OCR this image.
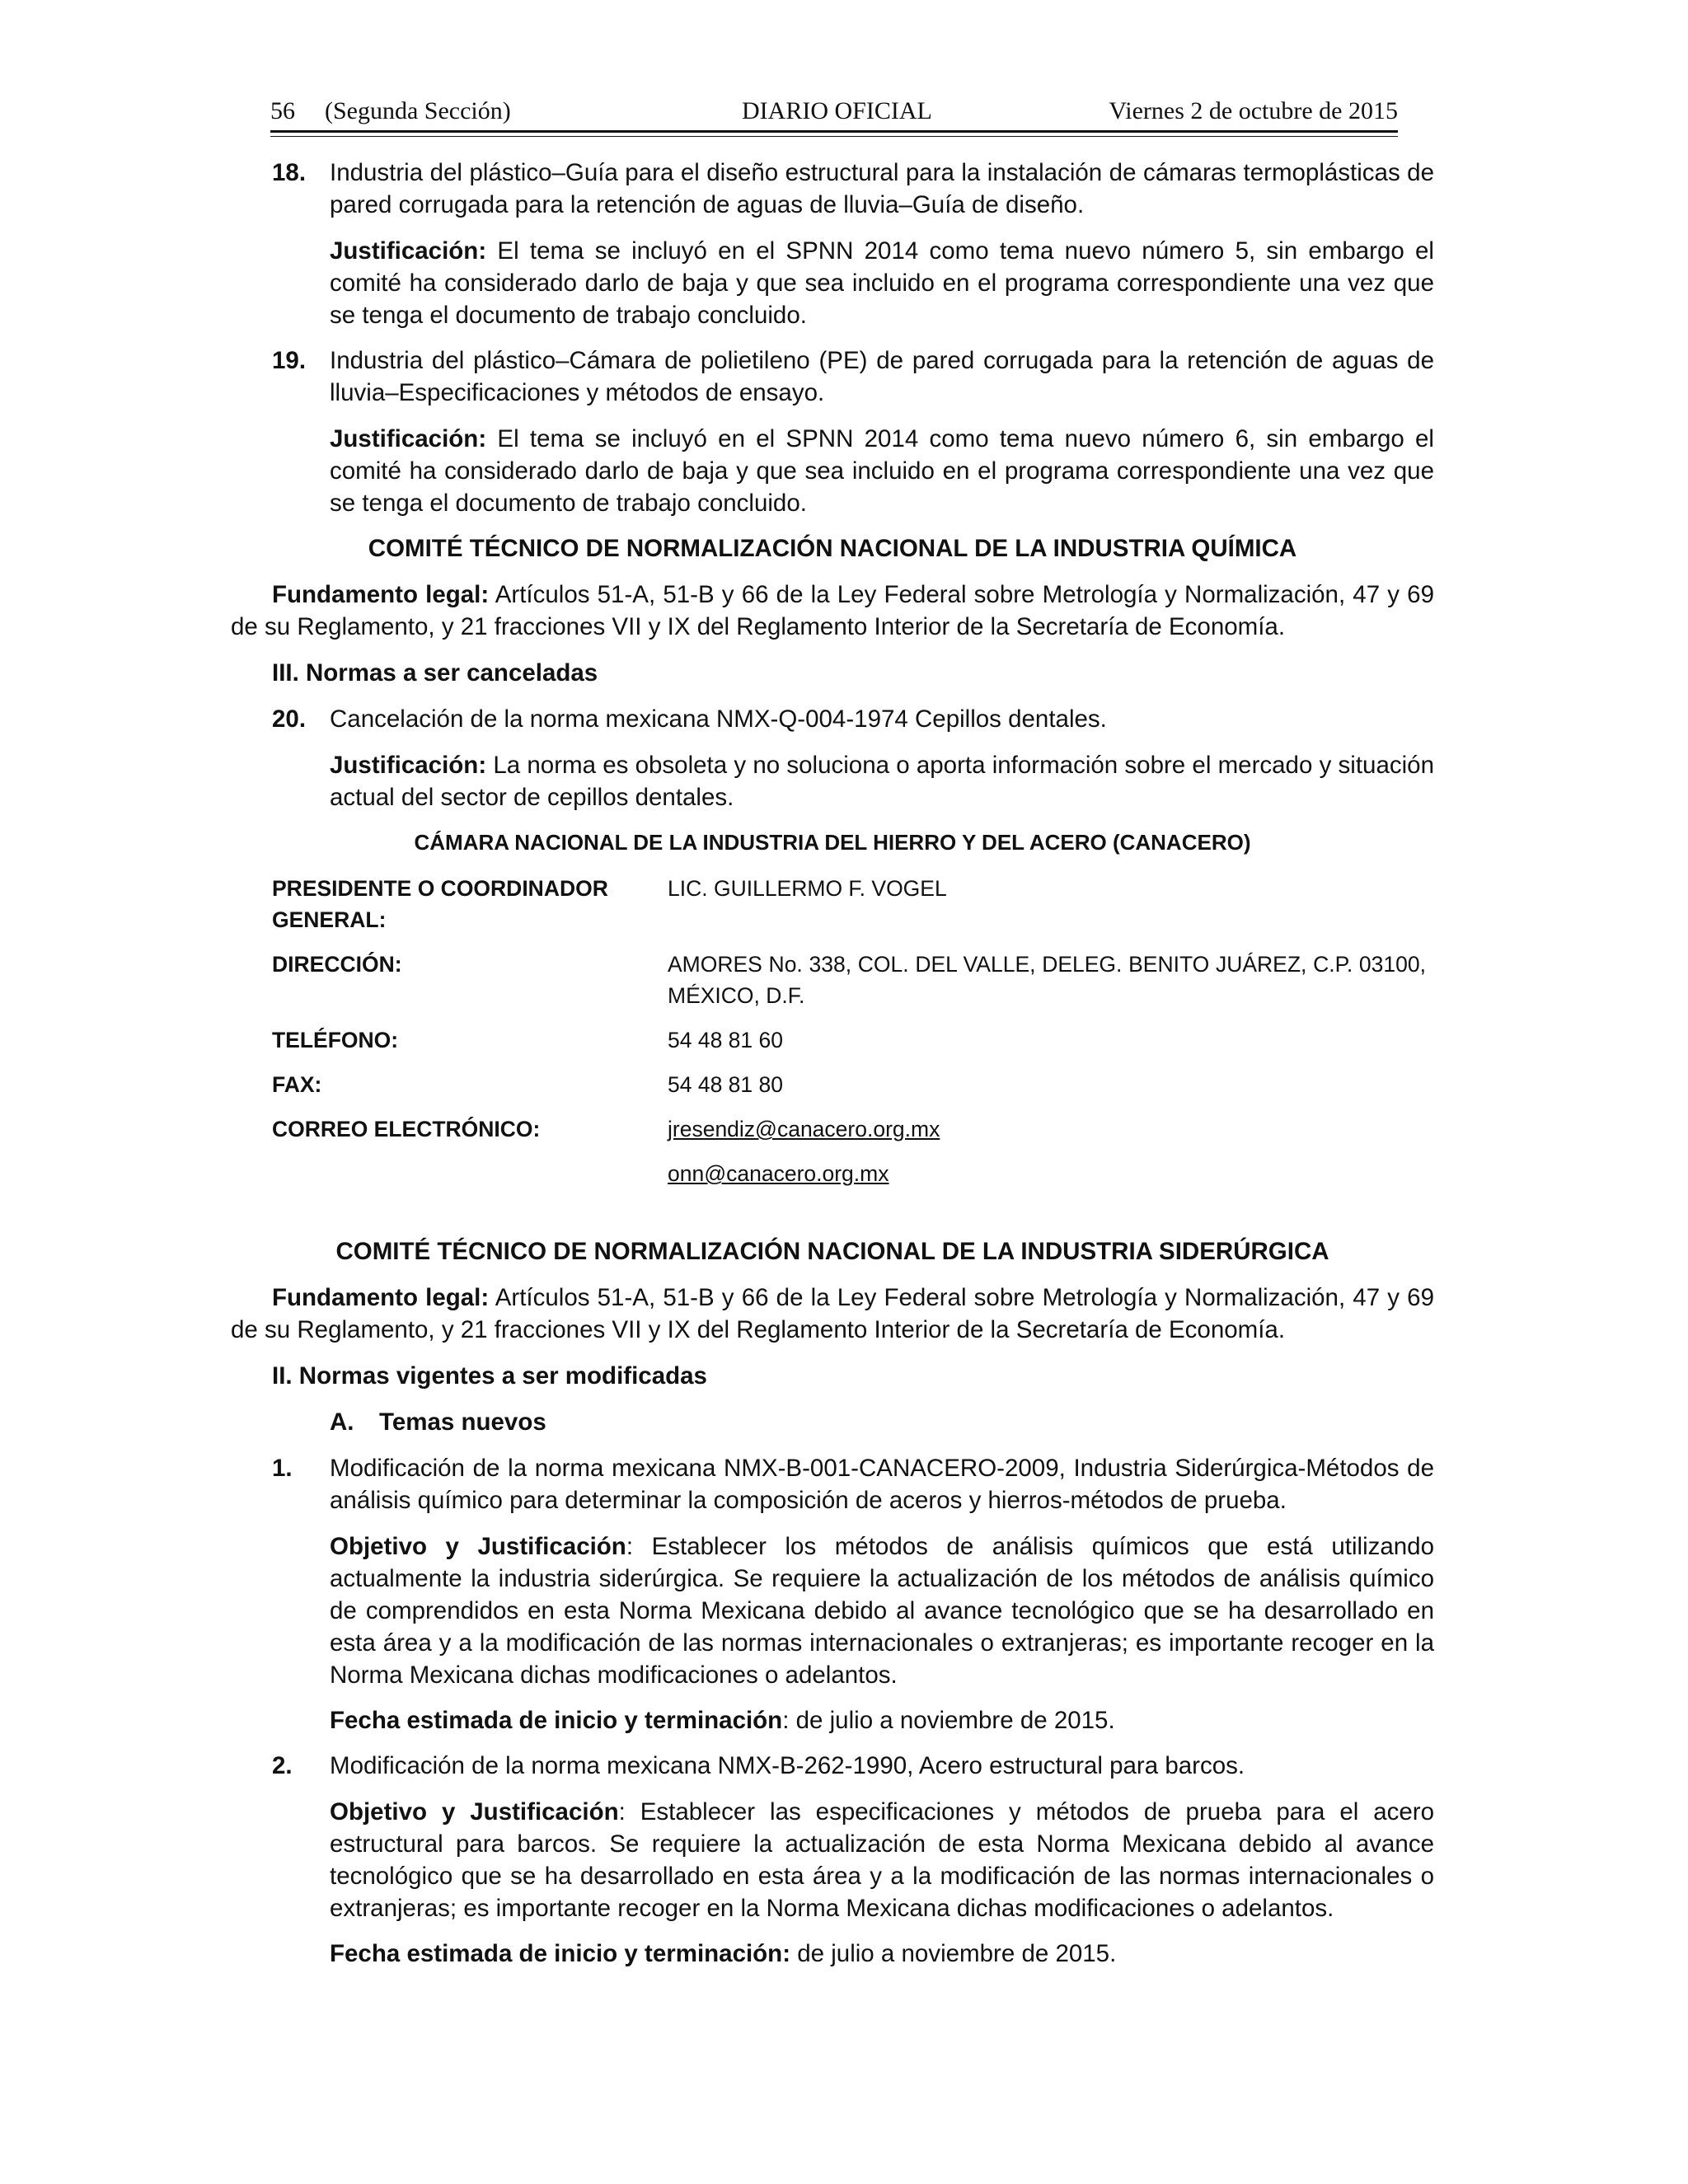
56 (Segunda Sección)	DIARIO OFICIAL	Viernes 2 de octubre de 2015
18. Industria del plástico–Guía para el diseño estructural para la instalación de cámaras termoplásticas de pared corrugada para la retención de aguas de lluvia–Guía de diseño.

Justificación: El tema se incluyó en el SPNN 2014 como tema nuevo número 5, sin embargo el comité ha considerado darlo de baja y que sea incluido en el programa correspondiente una vez que se tenga el documento de trabajo concluido.

19. Industria del plástico–Cámara de polietileno (PE) de pared corrugada para la retención de aguas de lluvia–Especificaciones y métodos de ensayo.

Justificación: El tema se incluyó en el SPNN 2014 como tema nuevo número 6, sin embargo el comité ha considerado darlo de baja y que sea incluido en el programa correspondiente una vez que se tenga el documento de trabajo concluido.

COMITÉ TÉCNICO DE NORMALIZACIÓN NACIONAL DE LA INDUSTRIA QUÍMICA

Fundamento legal: Artículos 51-A, 51-B y 66 de la Ley Federal sobre Metrología y Normalización, 47 y 69 de su Reglamento, y 21 fracciones VII y IX del Reglamento Interior de la Secretaría de Economía.

III. Normas a ser canceladas

20. Cancelación de la norma mexicana NMX-Q-004-1974 Cepillos dentales.

Justificación: La norma es obsoleta y no soluciona o aporta información sobre el mercado y situación actual del sector de cepillos dentales.

CÁMARA NACIONAL DE LA INDUSTRIA DEL HIERRO Y DEL ACERO (CANACERO)

PRESIDENTE O COORDINADOR GENERAL:
LIC. GUILLERMO F. VOGEL
DIRECCIÓN:	AMORES No. 338, COL. DEL VALLE, DELEG. BENITO JUÁREZ, C.P. 03100, MÉXICO, D.F.
TELÉFONO:	54 48 81 60
FAX:	54 48 81 80
CORREO ELECTRÓNICO:	jresendiz@canacero.org.mx
onn@canacero.org.mx

COMITÉ TÉCNICO DE NORMALIZACIÓN NACIONAL DE LA INDUSTRIA SIDERÚRGICA

Fundamento legal: Artículos 51-A, 51-B y 66 de la Ley Federal sobre Metrología y Normalización, 47 y 69 de su Reglamento, y 21 fracciones VII y IX del Reglamento Interior de la Secretaría de Economía.

II. Normas vigentes a ser modificadas

A. Temas nuevos

1.	Modificación de la norma mexicana NMX-B-001-CANACERO-2009, Industria Siderúrgica-Métodos de análisis químico para determinar la composición de aceros y hierros-métodos de prueba.

Objetivo y Justificación: Establecer los métodos de análisis químicos que está utilizando actualmente la industria siderúrgica. Se requiere la actualización de los métodos de análisis químico de comprendidos en esta Norma Mexicana debido al avance tecnológico que se ha desarrollado en esta área y a la modificación de las normas internacionales o extranjeras; es importante recoger en la Norma Mexicana dichas modificaciones o adelantos.

Fecha estimada de inicio y terminación: de julio a noviembre de 2015.

2.	Modificación de la norma mexicana NMX-B-262-1990, Acero estructural para barcos.

Objetivo y Justificación: Establecer las especificaciones y métodos de prueba para el acero estructural para barcos. Se requiere la actualización de esta Norma Mexicana debido al avance tecnológico que se ha desarrollado en esta área y a la modificación de las normas internacionales o extranjeras; es importante recoger en la Norma Mexicana dichas modificaciones o adelantos.

Fecha estimada de inicio y terminación: de julio a noviembre de 2015.
